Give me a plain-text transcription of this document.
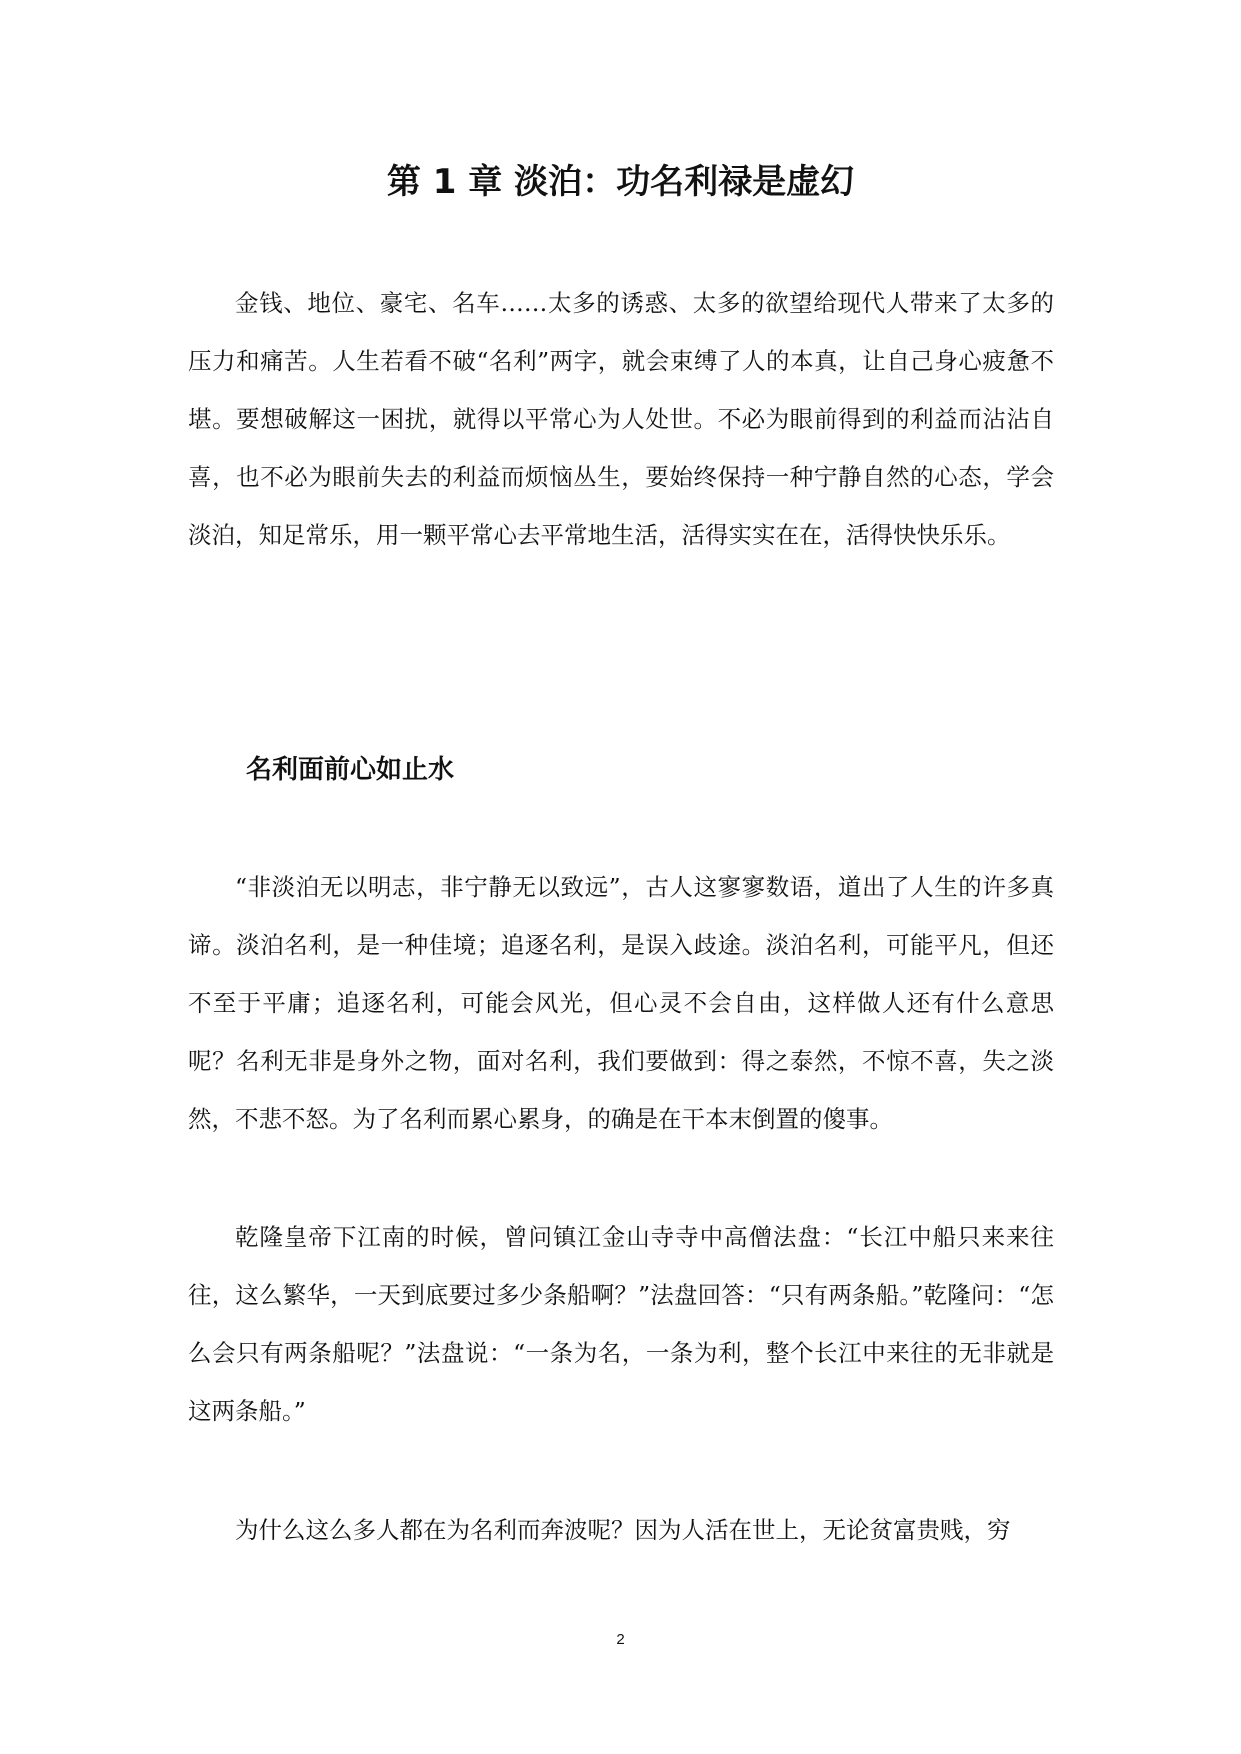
第 1 章 淡泊：功名利禄是虚幻

金钱、地位、豪宅、名车……太多的诱惑、太多的欲望给现代人带来了太多的压力和痛苦。人生若看不破“名利”两字，就会束缚了人的本真，让自己身心疲惫不堪。要想破解这一困扰，就得以平常心为人处世。不必为眼前得到的利益而沾沾自喜，也不必为眼前失去的利益而烦恼丛生，要始终保持一种宁静自然的心态，学会淡泊，知足常乐，用一颗平常心去平常地生活，活得实实在在，活得快快乐乐。

名利面前心如止水

“非淡泊无以明志，非宁静无以致远”，古人这寥寥数语，道出了人生的许多真谛。淡泊名利，是一种佳境；追逐名利，是误入歧途。淡泊名利，可能平凡，但还不至于平庸；追逐名利，可能会风光，但心灵不会自由，这样做人还有什么意思呢？名利无非是身外之物，面对名利，我们要做到：得之泰然，不惊不喜，失之淡然，不悲不怒。为了名利而累心累身，的确是在干本末倒置的傻事。

乾隆皇帝下江南的时候，曾问镇江金山寺寺中高僧法盘：“长江中船只来来往往，这么繁华，一天到底要过多少条船啊？”法盘回答：“只有两条船。”乾隆问：“怎么会只有两条船呢？”法盘说：“一条为名，一条为利，整个长江中来往的无非就是这两条船。”

为什么这么多人都在为名利而奔波呢？因为人活在世上，无论贫富贵贱，穷

2
